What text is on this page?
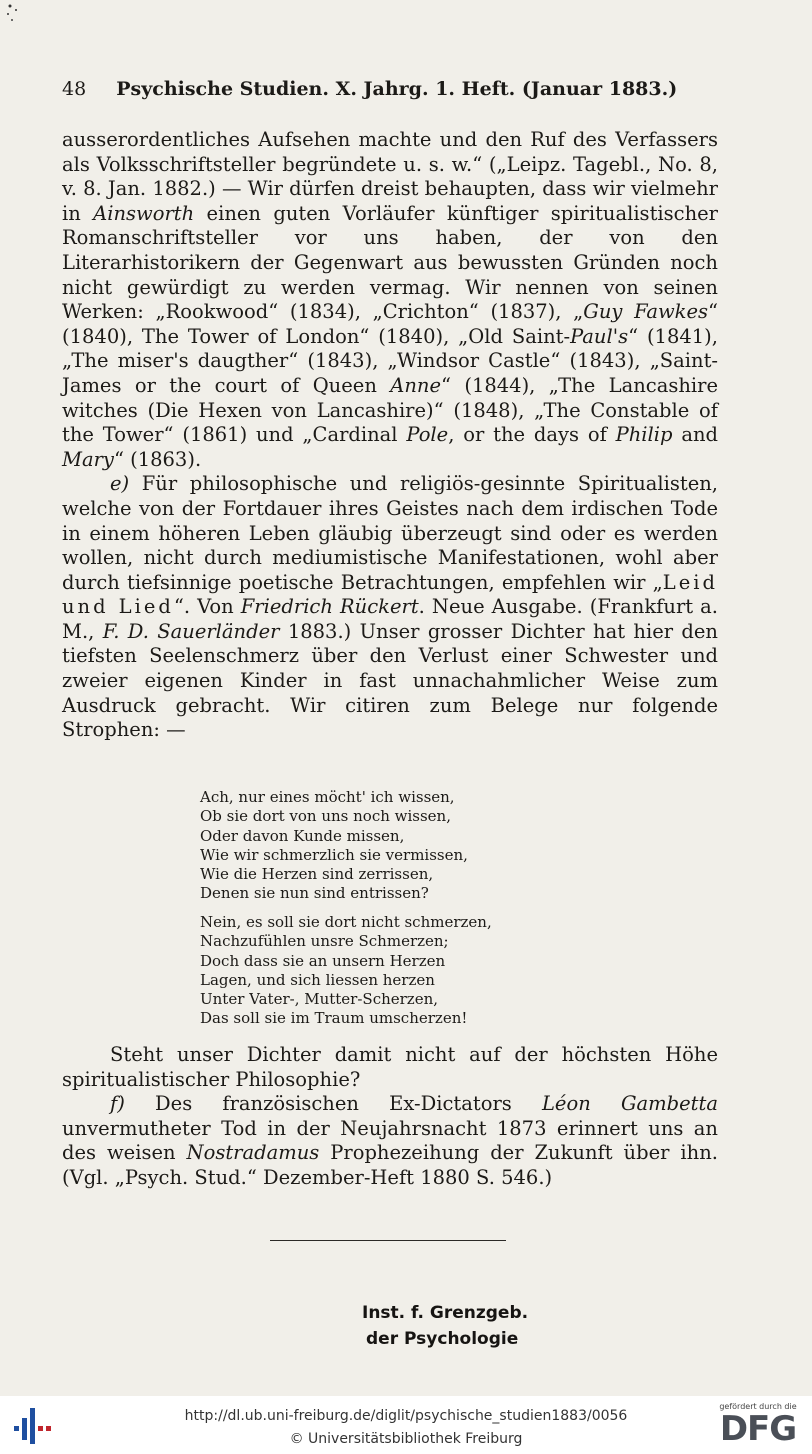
48 Psychische Studien. X. Jahrg. 1. Heft. (Januar 1883.)

ausserordentliches Aufsehen machte und den Ruf des Verfassers als Volksschriftsteller begründete u. s. w.“ („Leipz. Tagebl., No. 8, v. 8. Jan. 1882.) — Wir dürfen dreist behaupten, dass wir vielmehr in Ainsworth einen guten Vorläufer künftiger spiritualistischer Romanschriftsteller vor uns haben, der von den Literarhistorikern der Gegenwart aus bewussten Gründen noch nicht gewürdigt zu werden vermag. Wir nennen von seinen Werken: „Rookwood“ (1834), „Crichton“ (1837), „Guy Fawkes“ (1840), The Tower of London“ (1840), „Old Saint-Paul's“ (1841), „The miser's daugther“ (1843), „Windsor Castle“ (1843), „Saint-James or the court of Queen Anne“ (1844), „The Lancashire witches (Die Hexen von Lancashire)“ (1848), „The Constable of the Tower“ (1861) und „Cardinal Pole, or the days of Philip and Mary“ (1863).

e) Für philosophische und religiös-gesinnte Spiritualisten, welche von der Fortdauer ihres Geistes nach dem irdischen Tode in einem höheren Leben gläubig überzeugt sind oder es werden wollen, nicht durch mediumistische Manifestationen, wohl aber durch tiefsinnige poetische Betrachtungen, empfehlen wir „Leid und Lied“. Von Friedrich Rückert. Neue Ausgabe. (Frankfurt a. M., F. D. Sauerländer 1883.) Unser grosser Dichter hat hier den tiefsten Seelenschmerz über den Verlust einer Schwester und zweier eigenen Kinder in fast unnachahmlicher Weise zum Ausdruck gebracht. Wir citiren zum Belege nur folgende Strophen: —

Ach, nur eines möcht' ich wissen,
Ob sie dort von uns noch wissen,
Oder davon Kunde missen,
Wie wir schmerzlich sie vermissen,
Wie die Herzen sind zerrissen,
Denen sie nun sind entrissen?
Nein, es soll sie dort nicht schmerzen,
Nachzufühlen unsre Schmerzen;
Doch dass sie an unsern Herzen
Lagen, und sich liessen herzen
Unter Vater-, Mutter-Scherzen,
Das soll sie im Traum umscherzen!

Steht unser Dichter damit nicht auf der höchsten Höhe spiritualistischer Philosophie?

f) Des französischen Ex-Dictators Léon Gambetta unvermutheter Tod in der Neujahrsnacht 1873 erinnert uns an des weisen Nostradamus Prophezeihung der Zukunft über ihn. (Vgl. „Psych. Stud.“ Dezember-Heft 1880 S. 546.)

Inst. f. Grenzgeb.
der Psychologie
http://dl.ub.uni-freiburg.de/diglit/psychische_studien1883/0056
© Universitätsbibliothek Freiburg
gefördert durch die
DFG
